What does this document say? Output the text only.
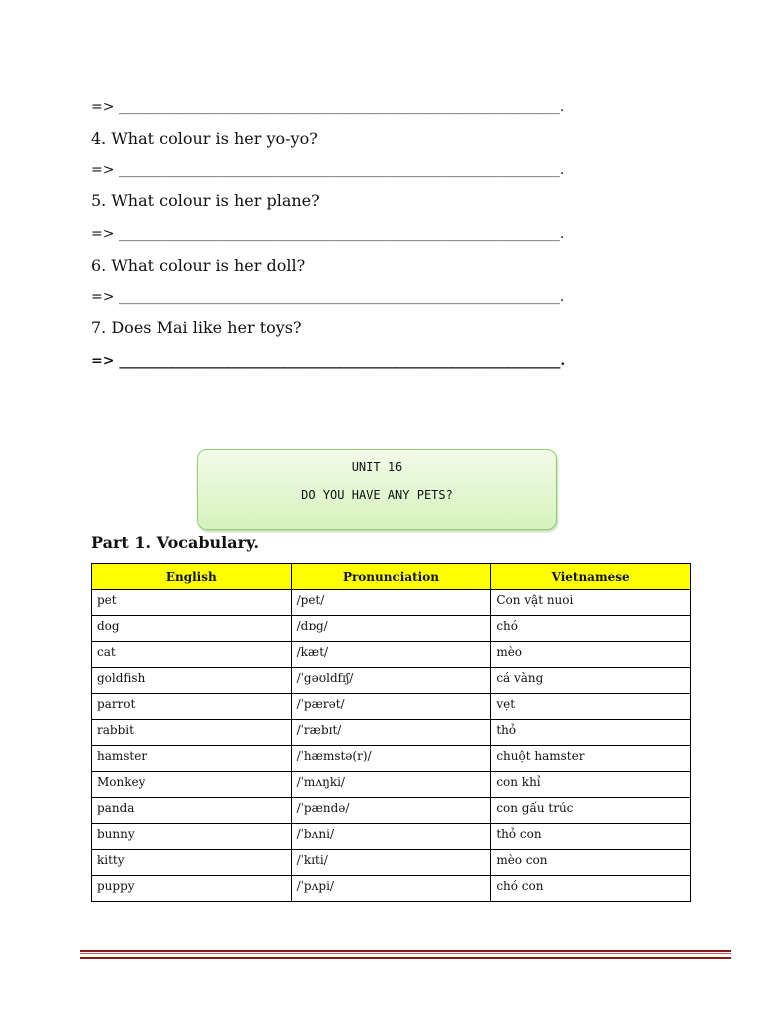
=> _______________________________________________________________.
4. What colour is her yo-yo?
=> _______________________________________________________________.
5. What colour is her plane?
=> _______________________________________________________________.
6. What colour is her doll?
=> _______________________________________________________________.
7. Does Mai like her toys?
=> _______________________________________________________________.
UNIT 16
DO YOU HAVE ANY PETS?
Part 1. Vocabulary.
English	Pronunciation	Vietnamese
pet	/pet/	Con vật nuoi
dog	/dɒg/	chó
cat	/kæt/	mèo
goldfish	/ˈgəʊldfɪʃ/	cá vàng
parrot	/ˈpærət/	vẹt
rabbit	/ˈræbɪt/	thỏ
hamster	/ˈhæmstə(r)/	chuột hamster
Monkey	/ˈmʌŋki/	con khỉ
panda	/ˈpændə/	con gấu trúc
bunny	/ˈbʌni/	thỏ con
kitty	/ˈkɪti/	mèo con
puppy	/ˈpʌpi/	chó con
